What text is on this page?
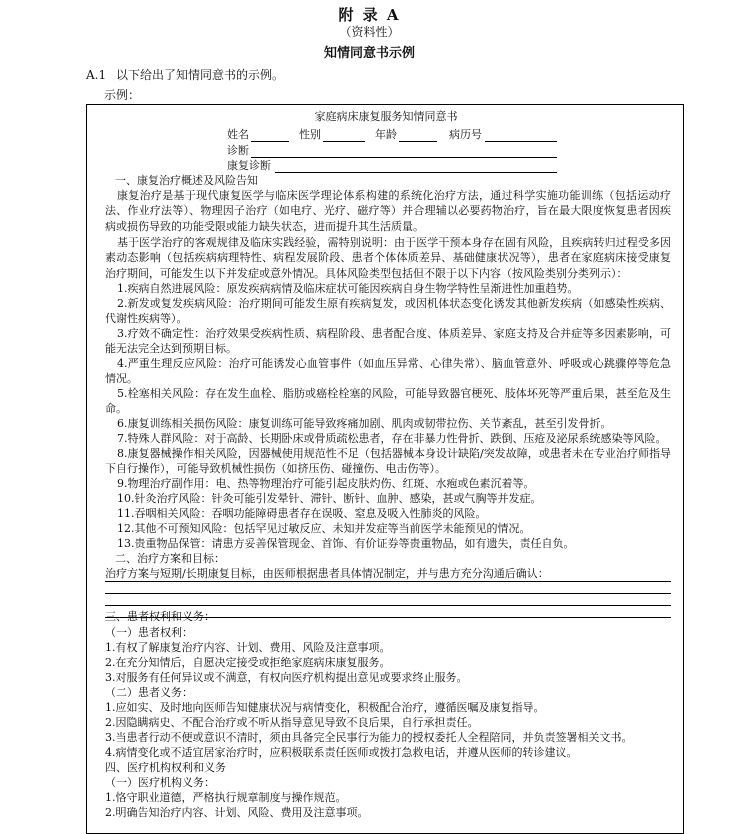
附 录 A
（资料性）
知情同意书示例
A.1 以下给出了知情同意书的示例。
示例：
家庭病床康复服务知情同意书
姓名	性别	年龄	病历号
诊断
康复诊断
一、康复治疗概述及风险告知
康复治疗是基于现代康复医学与临床医学理论体系构建的系统化治疗方法，通过科学实施功能训练（包括运动疗法、作业疗法等）、物理因子治疗（如电疗、光疗、磁疗等）并合理辅以必要药物治疗，旨在最大限度恢复患者因疾病或损伤导致的功能受限或能力缺失状态，进而提升其生活质量。
基于医学治疗的客观规律及临床实践经验，需特别说明：由于医学干预本身存在固有风险，且疾病转归过程受多因素动态影响（包括疾病病理特性、病程发展阶段、患者个体体质差异、基础健康状况等），患者在家庭病床接受康复治疗期间，可能发生以下并发症或意外情况。具体风险类型包括但不限于以下内容（按风险类别分类列示）：
1.疾病自然进展风险：原发疾病病情及临床症状可能因疾病自身生物学特性呈渐进性加重趋势。
2.新发或复发疾病风险：治疗期间可能发生原有疾病复发，或因机体状态变化诱发其他新发疾病（如感染性疾病、代谢性疾病等）。
3.疗效不确定性：治疗效果受疾病性质、病程阶段、患者配合度、体质差异、家庭支持及合并症等多因素影响，可能无法完全达到预期目标。
4.严重生理反应风险：治疗可能诱发心血管事件（如血压异常、心律失常）、脑血管意外、呼吸或心跳骤停等危急情况。
5.栓塞相关风险：存在发生血栓、脂肪或癌栓栓塞的风险，可能导致器官梗死、肢体坏死等严重后果，甚至危及生命。
6.康复训练相关损伤风险：康复训练可能导致疼痛加剧、肌肉或韧带拉伤、关节紊乱，甚至引发骨折。
7.特殊人群风险：对于高龄、长期卧床或骨质疏松患者，存在非暴力性骨折、跌倒、压疮及泌尿系统感染等风险。
8.康复器械操作相关风险，因器械使用规范性不足（包括器械本身设计缺陷/突发故障，或患者未在专业治疗师指导下自行操作），可能导致机械性损伤（如挤压伤、碰撞伤、电击伤等）。
9.物理治疗副作用：电、热等物理治疗可能引起皮肤灼伤、红斑、水疱或色素沉着等。
10.针灸治疗风险：针灸可能引发晕针、滞针、断针、血肿、感染，甚或气胸等并发症。
11.吞咽相关风险：吞咽功能障碍患者存在误吸、窒息及吸入性肺炎的风险。
12.其他不可预知风险：包括罕见过敏反应、未知并发症等当前医学未能预见的情况。
13.贵重物品保管：请患方妥善保管现金、首饰、有价证券等贵重物品，如有遗失，责任自负。
二、治疗方案和目标：
治疗方案与短期/长期康复目标，由医师根据患者具体情况制定，并与患方充分沟通后确认：
三、患者权利和义务：
（一）患者权利：
1.有权了解康复治疗内容、计划、费用、风险及注意事项。
2.在充分知情后，自愿决定接受或拒绝家庭病床康复服务。
3.对服务有任何异议或不满意，有权向医疗机构提出意见或要求终止服务。
（二）患者义务：
1.应如实、及时地向医师告知健康状况与病情变化，积极配合治疗，遵循医嘱及康复指导。
2.因隐瞒病史、不配合治疗或不听从指导意见导致不良后果，自行承担责任。
3.当患者行动不便或意识不清时，须由具备完全民事行为能力的授权委托人全程陪同，并负责签署相关文书。
4.病情变化或不适宜居家治疗时，应积极联系责任医师或拨打急救电话，并遵从医师的转诊建议。
四、医疗机构权利和义务
（一）医疗机构义务：
1.恪守职业道德，严格执行规章制度与操作规范。
2.明确告知治疗内容、计划、风险、费用及注意事项。
